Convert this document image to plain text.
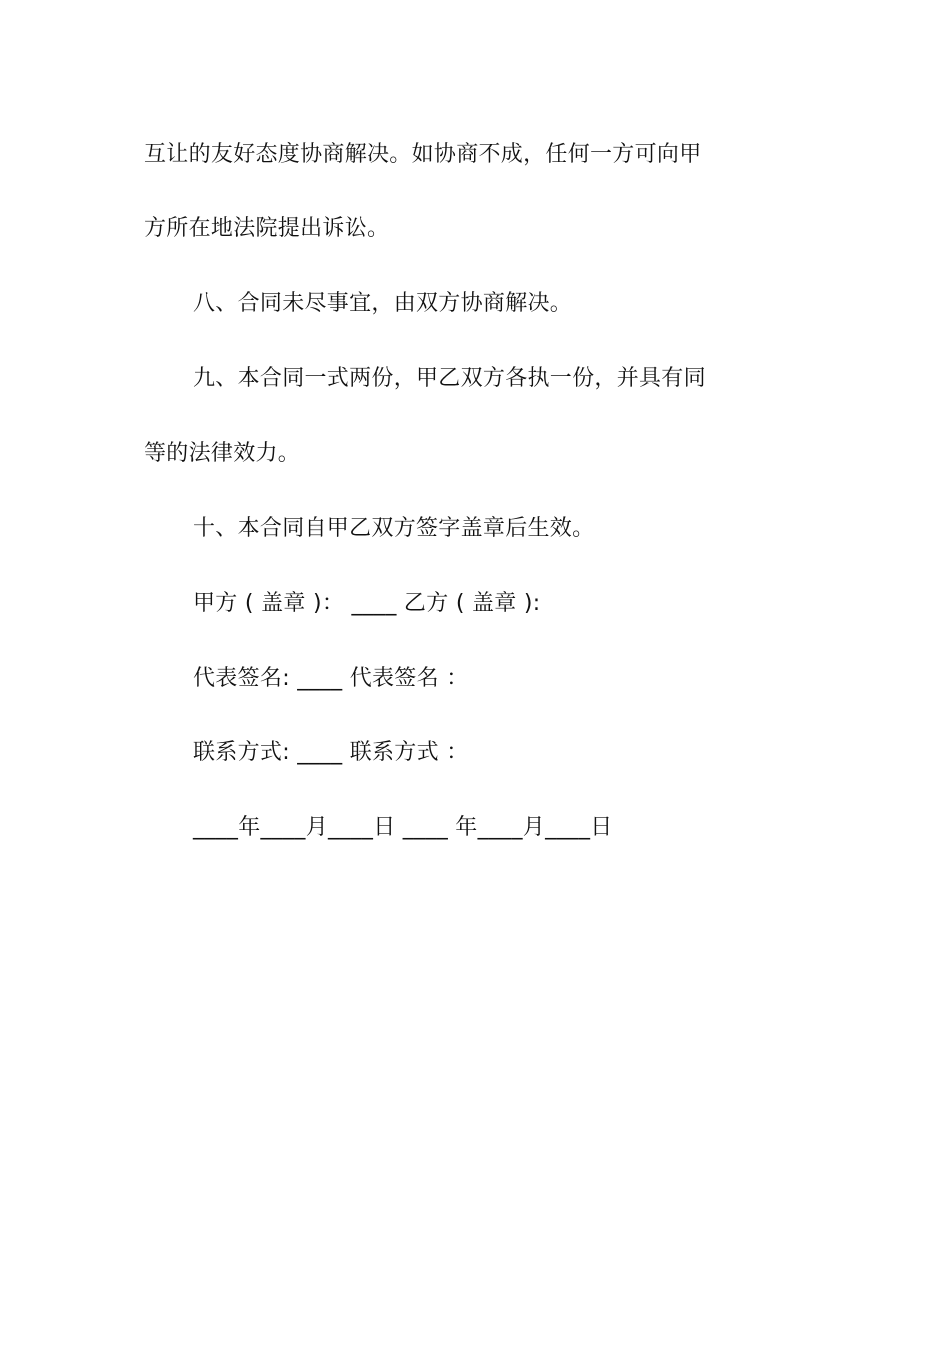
互让的友好态度协商解决。如协商不成，任何一方可向甲
方所在地法院提出诉讼。
八、合同未尽事宜，由双方协商解决。
九、本合同一式两份，甲乙双方各执一份，并具有同
等的法律效力。
十、本合同自甲乙双方签字盖章后生效。
甲方 ( 盖章 )： ____ 乙方 ( 盖章 ):
代表签名: ____ 代表签名 ：
联系方式: ____ 联系方式 ：
____年____月____日 ____ 年____月____日
